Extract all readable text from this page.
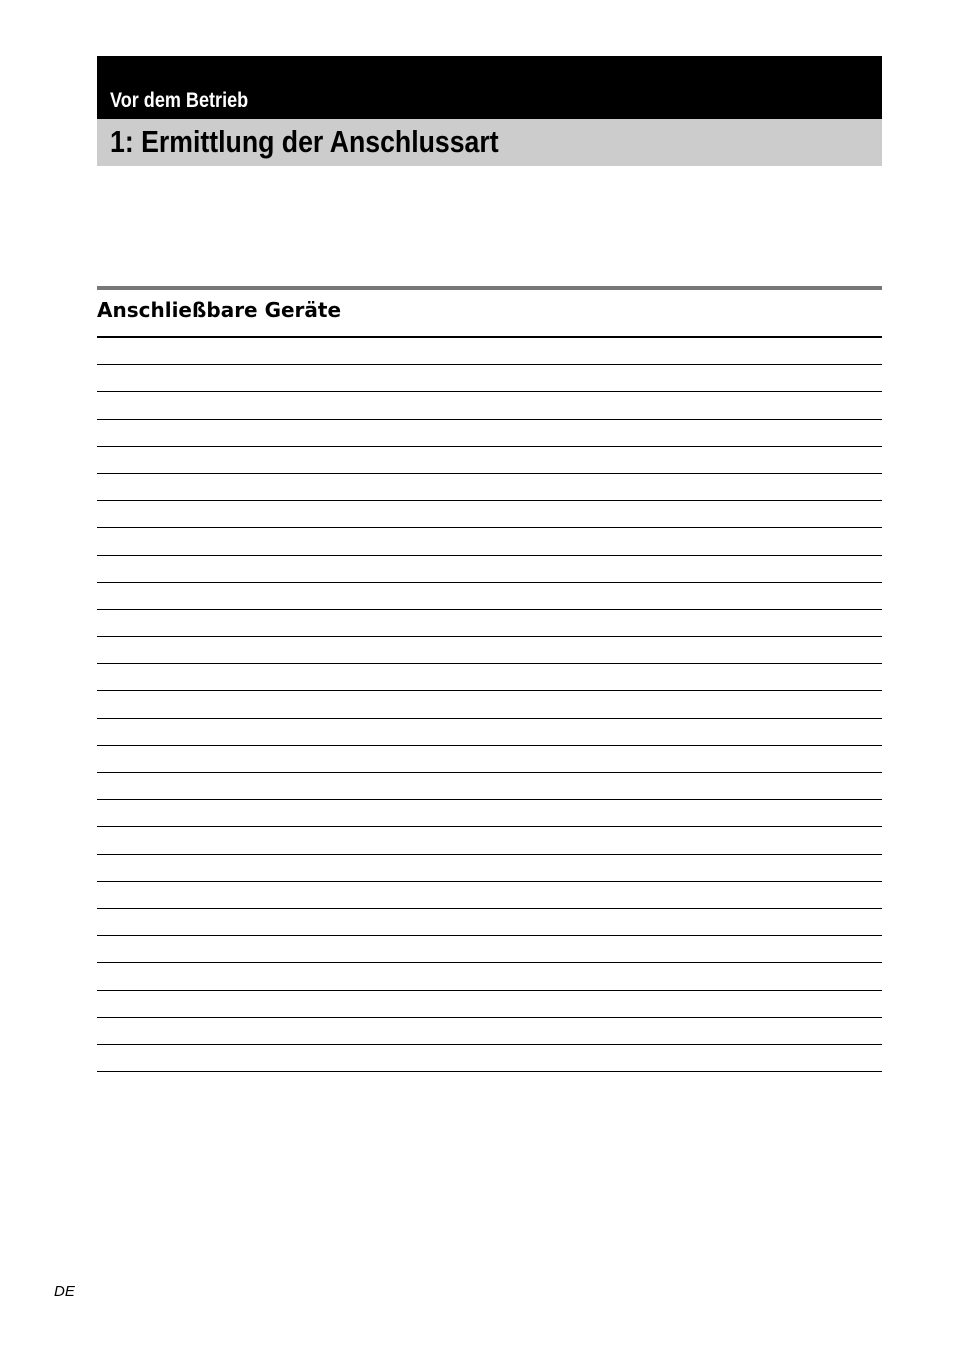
Vor dem Betrieb
1: Ermittlung der Anschlussart
Anschließbare Geräte
DE
